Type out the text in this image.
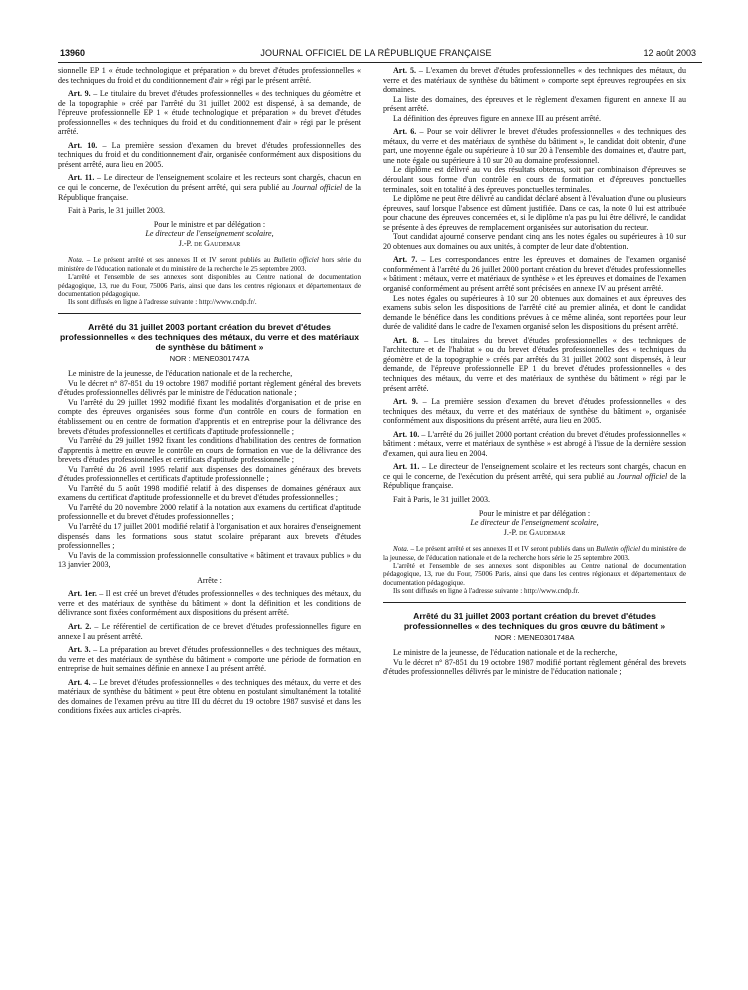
13960	JOURNAL OFFICIEL DE LA RÉPUBLIQUE FRANÇAISE	12 août 2003

sionnelle EP 1 « étude technologique et préparation » du brevet d'études professionnelles « des techniques du froid et du conditionnement d'air » régi par le présent arrêté.

Art. 9. – Le titulaire du brevet d'études professionnelles « des techniques du géomètre et de la topographie » créé par l'arrêté du 31 juillet 2002 est dispensé, à sa demande, de l'épreuve professionnelle EP 1 « étude technologique et préparation » du brevet d'études professionnelles « des techniques du froid et du conditionnement d'air » régi par le présent arrêté.

Art. 10. – La première session d'examen du brevet d'études professionnelles des techniques du froid et du conditionnement d'air, organisée conformément aux dispositions du présent arrêté, aura lieu en 2005.

Art. 11. – Le directeur de l'enseignement scolaire et les recteurs sont chargés, chacun en ce qui le concerne, de l'exécution du présent arrêté, qui sera publié au Journal officiel de la République française.

Fait à Paris, le 31 juillet 2003.

Pour le ministre et par délégation :

Le directeur de l'enseignement scolaire,

J.-P. de Gaudemar

Nota. – Le présent arrêté et ses annexes II et IV seront publiés au Bulletin officiel hors série du ministère de l'éducation nationale et du ministère de la recherche le 25 septembre 2003.

L'arrêté et l'ensemble de ses annexes sont disponibles au Centre national de documentation pédagogique, 13, rue du Four, 75006 Paris, ainsi que dans les centres régionaux et départementaux de documentation pédagogique.

Ils sont diffusés en ligne à l'adresse suivante : http://www.cndp.fr/.

Arrêté du 31 juillet 2003 portant création du brevet d'études professionnelles « des techniques des métaux, du verre et des matériaux de synthèse du bâtiment »

NOR : MENE0301747A

Le ministre de la jeunesse, de l'éducation nationale et de la recherche,

Vu le décret n° 87-851 du 19 octobre 1987 modifié portant règlement général des brevets d'études professionnelles délivrés par le ministre de l'éducation nationale ;

Vu l'arrêté du 29 juillet 1992 modifié fixant les modalités d'organisation et de prise en compte des épreuves organisées sous forme d'un contrôle en cours de formation en établissement ou en centre de formation d'apprentis et en entreprise pour la délivrance des brevets d'études professionnelles et certificats d'aptitude professionnelle ;

Vu l'arrêté du 29 juillet 1992 fixant les conditions d'habilitation des centres de formation d'apprentis à mettre en œuvre le contrôle en cours de formation en vue de la délivrance des brevets d'études professionnelles et certificats d'aptitude professionnelle ;

Vu l'arrêté du 26 avril 1995 relatif aux dispenses des domaines généraux des brevets d'études professionnelles et certificats d'aptitude professionnelle ;

Vu l'arrêté du 5 août 1998 modifié relatif à des dispenses de domaines généraux aux examens du certificat d'aptitude professionnelle et du brevet d'études professionnelles ;

Vu l'arrêté du 20 novembre 2000 relatif à la notation aux examens du certificat d'aptitude professionnelle et du brevet d'études professionnelles ;

Vu l'arrêté du 17 juillet 2001 modifié relatif à l'organisation et aux horaires d'enseignement dispensés dans les formations sous statut scolaire préparant aux brevets d'études professionnelles ;

Vu l'avis de la commission professionnelle consultative « bâtiment et travaux publics » du 13 janvier 2003,

Arrête :

Art. 1er. – Il est créé un brevet d'études professionnelles « des techniques des métaux, du verre et des matériaux de synthèse du bâtiment » dont la définition et les conditions de délivrance sont fixées conformément aux dispositions du présent arrêté.

Art. 2. – Le référentiel de certification de ce brevet d'études professionnelles figure en annexe I au présent arrêté.

Art. 3. – La préparation au brevet d'études professionnelles « des techniques des métaux, du verre et des matériaux de synthèse du bâtiment » comporte une période de formation en entreprise de huit semaines définie en annexe I au présent arrêté.

Art. 4. – Le brevet d'études professionnelles « des techniques des métaux, du verre et des matériaux de synthèse du bâtiment » peut être obtenu en postulant simultanément la totalité des domaines de l'examen prévu au titre III du décret du 19 octobre 1987 susvisé et dans les conditions fixées aux articles ci-après.

Art. 5. – L'examen du brevet d'études professionnelles « des techniques des métaux, du verre et des matériaux de synthèse du bâtiment » comporte sept épreuves regroupées en six domaines.

La liste des domaines, des épreuves et le règlement d'examen figurent en annexe II au présent arrêté.

La définition des épreuves figure en annexe III au présent arrêté.

Art. 6. – Pour se voir délivrer le brevet d'études professionnelles « des techniques des métaux, du verre et des matériaux de synthèse du bâtiment », le candidat doit obtenir, d'une part, une moyenne égale ou supérieure à 10 sur 20 à l'ensemble des domaines et, d'autre part, une note égale ou supérieure à 10 sur 20 au domaine professionnel.

Le diplôme est délivré au vu des résultats obtenus, soit par combinaison d'épreuves se déroulant sous forme d'un contrôle en cours de formation et d'épreuves ponctuelles terminales, soit en totalité à des épreuves ponctuelles terminales.

Le diplôme ne peut être délivré au candidat déclaré absent à l'évaluation d'une ou plusieurs épreuves, sauf lorsque l'absence est dûment justifiée. Dans ce cas, la note 0 lui est attribuée pour chacune des épreuves concernées et, si le diplôme n'a pas pu lui être délivré, le candidat se présente à des épreuves de remplacement organisées sur autorisation du recteur.

Tout candidat ajourné conserve pendant cinq ans les notes égales ou supérieures à 10 sur 20 obtenues aux domaines ou aux unités, à compter de leur date d'obtention.

Art. 7. – Les correspondances entre les épreuves et domaines de l'examen organisé conformément à l'arrêté du 26 juillet 2000 portant création du brevet d'études professionnelles « bâtiment : métaux, verre et matériaux de synthèse » et les épreuves et domaines de l'examen organisé conformément au présent arrêté sont précisées en annexe IV au présent arrêté.

Les notes égales ou supérieures à 10 sur 20 obtenues aux domaines et aux épreuves des examens subis selon les dispositions de l'arrêté cité au premier alinéa, et dont le candidat demande le bénéfice dans les conditions prévues à ce même alinéa, sont reportées pour leur durée de validité dans le cadre de l'examen organisé selon les dispositions du présent arrêté.

Art. 8. – Les titulaires du brevet d'études professionnelles « des techniques de l'architecture et de l'habitat » ou du brevet d'études professionnelles des « techniques du géomètre et de la topographie » créés par arrêtés du 31 juillet 2002 sont dispensés, à leur demande, de l'épreuve professionnelle EP 1 du brevet d'études professionnelles « des techniques des métaux, du verre et des matériaux de synthèse du bâtiment » régi par le présent arrêté.

Art. 9. – La première session d'examen du brevet d'études professionnelles « des techniques des métaux, du verre et des matériaux de synthèse du bâtiment », organisée conformément aux dispositions du présent arrêté, aura lieu en 2005.

Art. 10. – L'arrêté du 26 juillet 2000 portant création du brevet d'études professionnelles « bâtiment : métaux, verre et matériaux de synthèse » est abrogé à l'issue de la dernière session d'examen, qui aura lieu en 2004.

Art. 11. – Le directeur de l'enseignement scolaire et les recteurs sont chargés, chacun en ce qui le concerne, de l'exécution du présent arrêté, qui sera publié au Journal officiel de la République française.

Fait à Paris, le 31 juillet 2003.

Pour le ministre et par délégation :

Le directeur de l'enseignement scolaire,

J.-P. de Gaudemar

Nota. – Le présent arrêté et ses annexes II et IV seront publiés dans un Bulletin officiel du ministère de la jeunesse, de l'éducation nationale et de la recherche hors série le 25 septembre 2003.

L'arrêté et l'ensemble de ses annexes sont disponibles au Centre national de documentation pédagogique, 13, rue du Four, 75006 Paris, ainsi que dans les centres régionaux et départementaux de documentation pédagogique.

Ils sont diffusés en ligne à l'adresse suivante : http://www.cndp.fr.

Arrêté du 31 juillet 2003 portant création du brevet d'études professionnelles « des techniques du gros œuvre du bâtiment »

NOR : MENE0301748A

Le ministre de la jeunesse, de l'éducation nationale et de la recherche,

Vu le décret n° 87-851 du 19 octobre 1987 modifié portant règlement général des brevets d'études professionnelles délivrés par le ministre de l'éducation nationale ;
